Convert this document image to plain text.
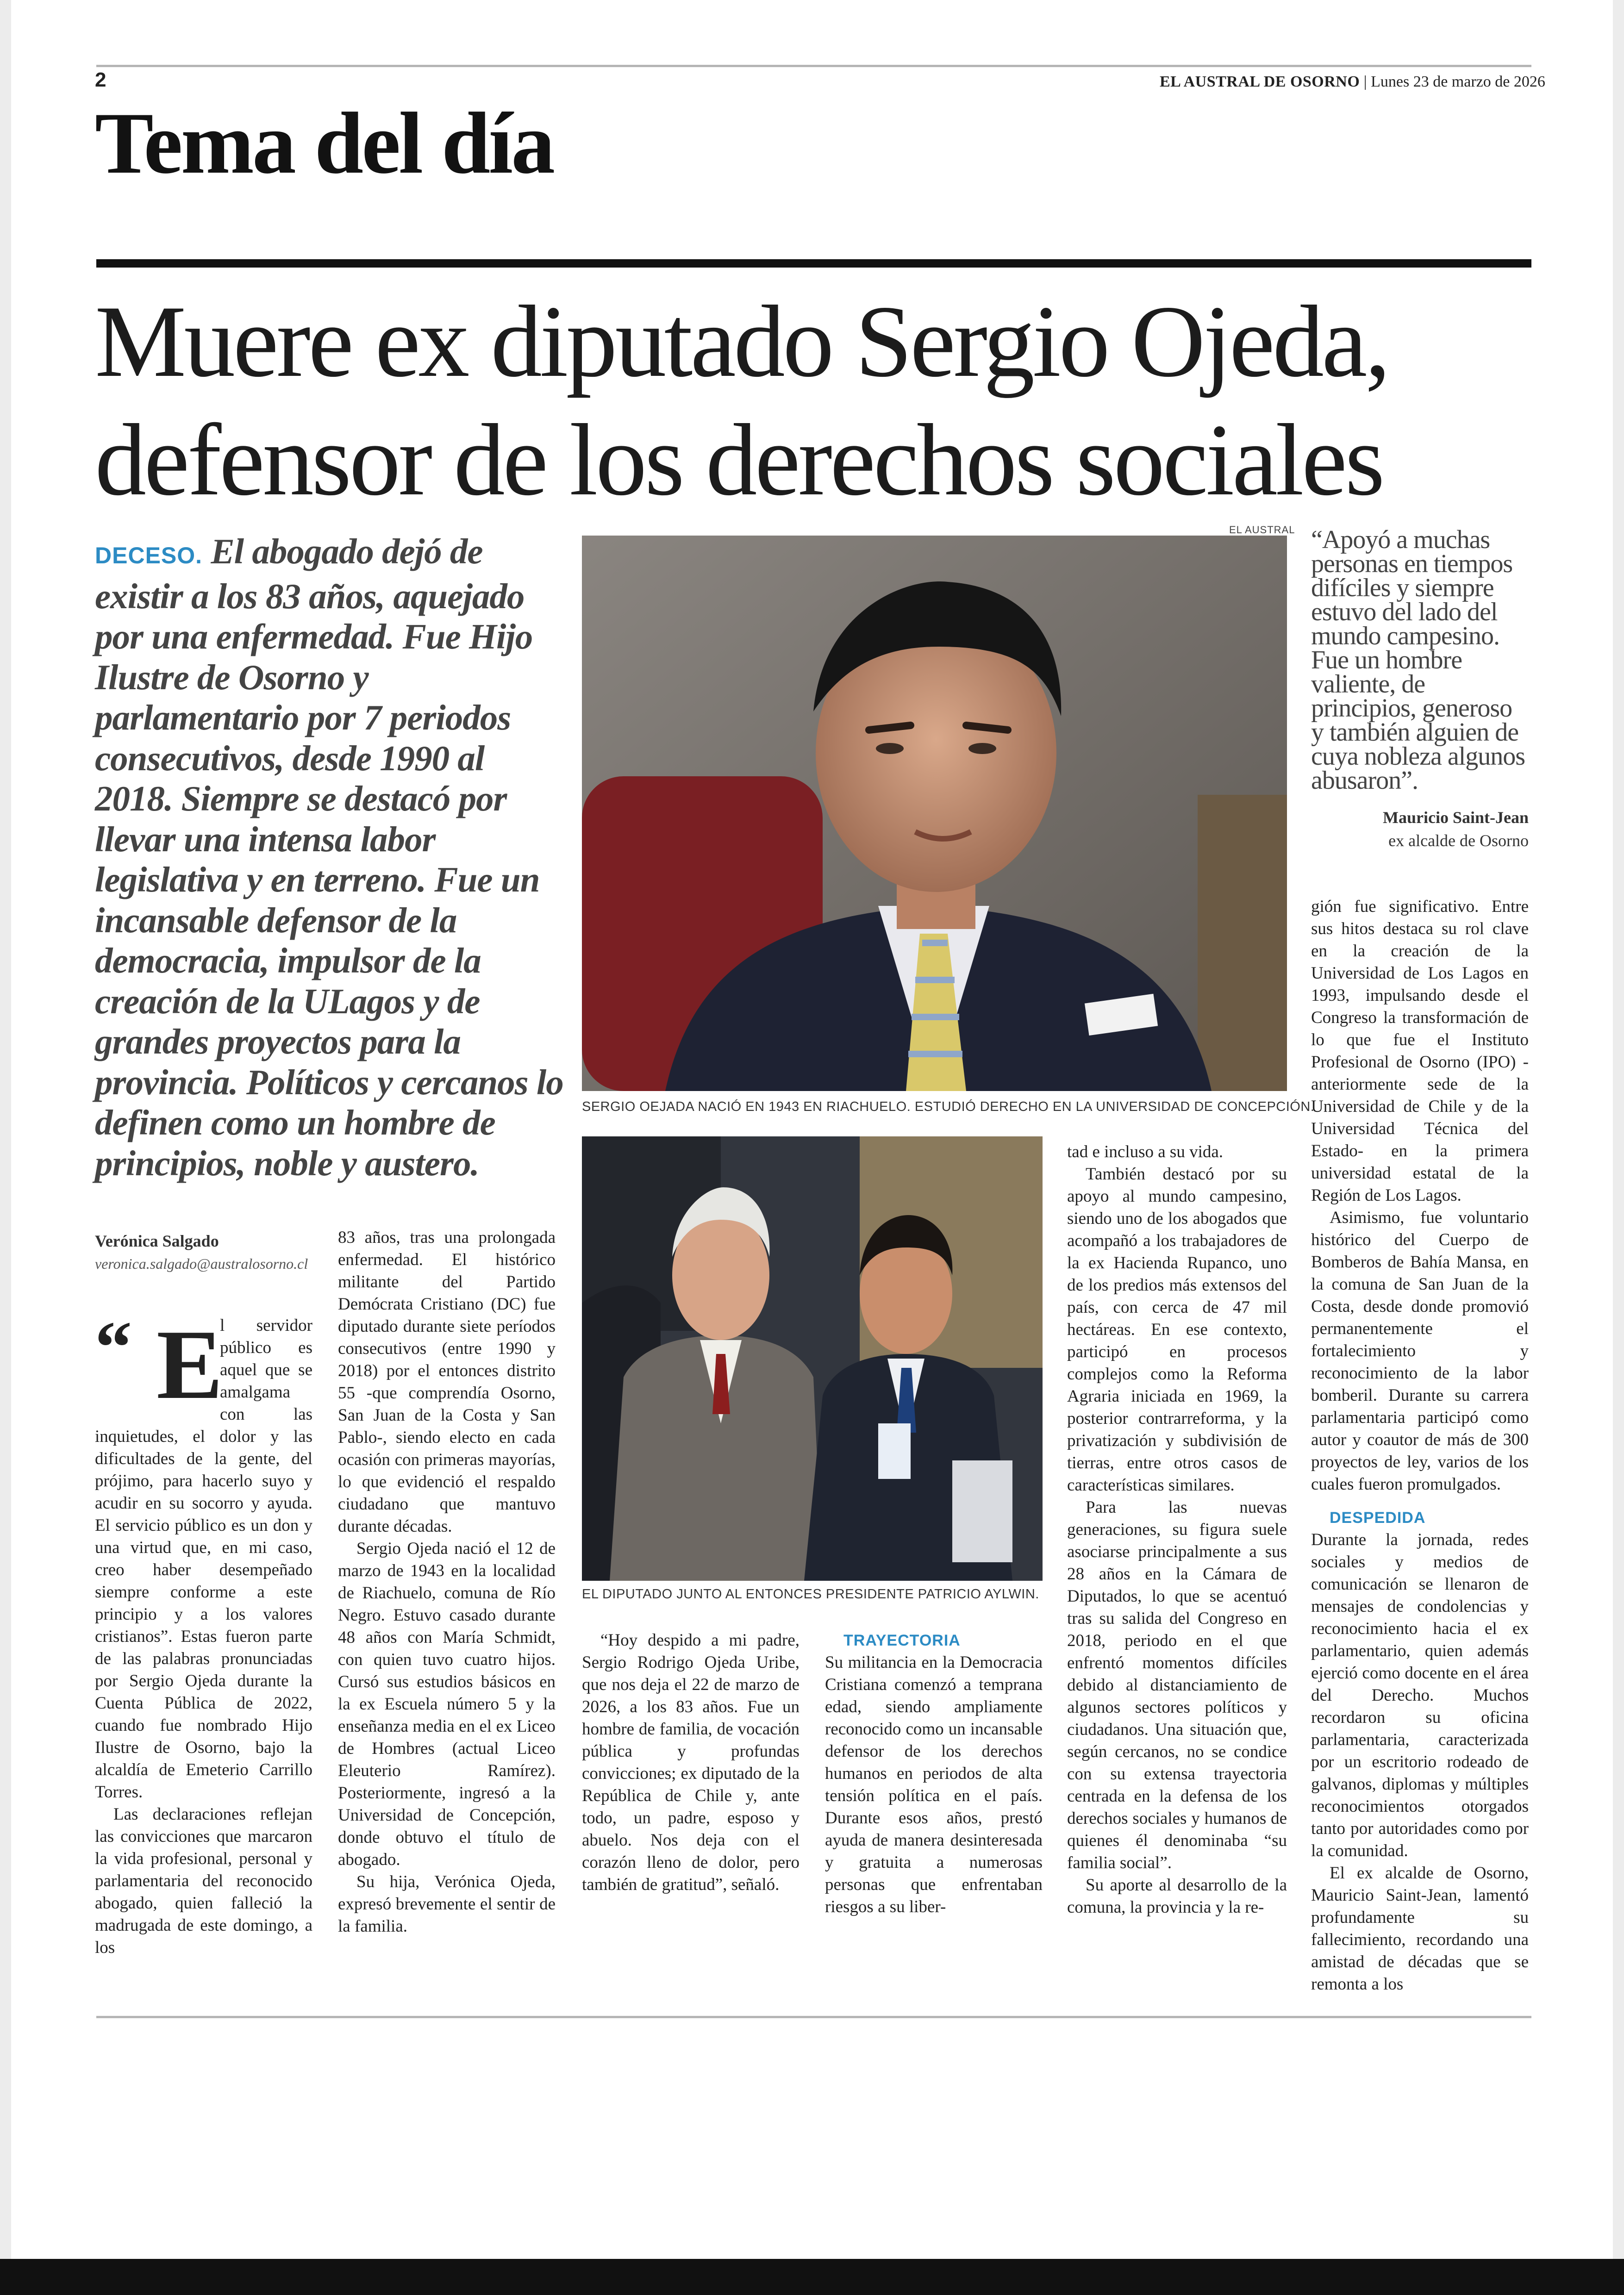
2	EL AUSTRAL DE OSORNO | Lunes 23 de marzo de 2026
Tema del día
Muere ex diputado Sergio Ojeda,
defensor de los derechos sociales
DECESO. El abogado dejó de existir a los 83 años, aquejado por una enfermedad. Fue Hijo Ilustre de Osorno y parlamentario por 7 periodos consecutivos, desde 1990 al 2018. Siempre se destacó por llevar una intensa labor legislativa y en terreno. Fue un incansable defensor de la democracia, impulsor de la creación de la ULagos y de grandes proyectos para la provincia. Políticos y cercanos lo definen como un hombre de principios, noble y austero.
EL AUSTRAL
SERGIO OEJADA NACIÓ EN 1943 EN RIACHUELO. ESTUDIÓ DERECHO EN LA UNIVERSIDAD DE CONCEPCIÓN.
EL DIPUTADO JUNTO AL ENTONCES PRESIDENTE PATRICIO AYLWIN.
“Apoyó a muchas personas en tiempos difíciles y siempre estuvo del lado del mundo campesino. Fue un hombre valiente, de principios, generoso y también alguien de cuya nobleza algunos abusaron”.
Mauricio Saint-Jean
ex alcalde de Osorno
Verónica Salgado
veronica.salgado@australosorno.cl
“ E

l servidor público es aquel que se amalgama con las inquietudes, el dolor y las dificultades de la gente, del prójimo, para hacerlo suyo y acudir en su socorro y ayuda. El servicio público es un don y una virtud que, en mi caso, creo haber desempeñado siempre conforme a este principio y a los valores cristianos”. Estas fueron parte de las palabras pronunciadas por Sergio Ojeda durante la Cuenta Pública de 2022, cuando fue nombrado Hijo Ilustre de Osorno, bajo la alcaldía de Emeterio Carrillo Torres.

Las declaraciones reflejan las convicciones que marcaron la vida profesional, personal y parlamentaria del reconocido abogado, quien falleció la madrugada de este domingo, a los

83 años, tras una prolongada enfermedad. El histórico militante del Partido Demócrata Cristiano (DC) fue diputado durante siete períodos consecutivos (entre 1990 y 2018) por el entonces distrito 55 -que comprendía Osorno, San Juan de la Costa y San Pablo-, siendo electo en cada ocasión con primeras mayorías, lo que evidenció el respaldo ciudadano que mantuvo durante décadas.

Sergio Ojeda nació el 12 de marzo de 1943 en la localidad de Riachuelo, comuna de Río Negro. Estuvo casado durante 48 años con María Schmidt, con quien tuvo cuatro hijos. Cursó sus estudios básicos en la ex Escuela número 5 y la enseñanza media en el ex Liceo de Hombres (actual Liceo Eleuterio Ramírez). Posteriormente, ingresó a la Universidad de Concepción, donde obtuvo el título de abogado.

Su hija, Verónica Ojeda, expresó brevemente el sentir de la familia.

“Hoy despido a mi padre, Sergio Rodrigo Ojeda Uribe, que nos deja el 22 de marzo de 2026, a los 83 años. Fue un hombre de familia, de vocación pública y profundas convicciones; ex diputado de la República de Chile y, ante todo, un padre, esposo y abuelo. Nos deja con el corazón lleno de dolor, pero también de gratitud”, señaló.

TRAYECTORIA

Su militancia en la Democracia Cristiana comenzó a temprana edad, siendo ampliamente reconocido como un incansable defensor de los derechos humanos en periodos de alta tensión política en el país. Durante esos años, prestó ayuda de manera desinteresada y gratuita a numerosas personas que enfrentaban riesgos a su liber-

tad e incluso a su vida.

También destacó por su apoyo al mundo campesino, siendo uno de los abogados que acompañó a los trabajadores de la ex Hacienda Rupanco, uno de los predios más extensos del país, con cerca de 47 mil hectáreas. En ese contexto, participó en procesos complejos como la Reforma Agraria iniciada en 1969, la posterior contrarreforma, y la privatización y subdivisión de tierras, entre otros casos de características similares.

Para las nuevas generaciones, su figura suele asociarse principalmente a sus 28 años en la Cámara de Diputados, lo que se acentuó tras su salida del Congreso en 2018, periodo en el que enfrentó momentos difíciles debido al distanciamiento de algunos sectores políticos y ciudadanos. Una situación que, según cercanos, no se condice con su extensa trayectoria centrada en la defensa de los derechos sociales y humanos de quienes él denominaba “su familia social”.

Su aporte al desarrollo de la comuna, la provincia y la re-

gión fue significativo. Entre sus hitos destaca su rol clave en la creación de la Universidad de Los Lagos en 1993, impulsando desde el Congreso la transformación de lo que fue el Instituto Profesional de Osorno (IPO) -anteriormente sede de la Universidad de Chile y de la Universidad Técnica del Estado- en la primera universidad estatal de la Región de Los Lagos.

Asimismo, fue voluntario histórico del Cuerpo de Bomberos de Bahía Mansa, en la comuna de San Juan de la Costa, desde donde promovió permanentemente el fortalecimiento y reconocimiento de la labor bomberil. Durante su carrera parlamentaria participó como autor y coautor de más de 300 proyectos de ley, varios de los cuales fueron promulgados.

DESPEDIDA

Durante la jornada, redes sociales y medios de comunicación se llenaron de mensajes de condolencias y reconocimiento hacia el ex parlamentario, quien además ejerció como docente en el área del Derecho. Muchos recordaron su oficina parlamentaria, caracterizada por un escritorio rodeado de galvanos, diplomas y múltiples reconocimientos otorgados tanto por autoridades como por la comunidad.

El ex alcalde de Osorno, Mauricio Saint-Jean, lamentó profundamente su fallecimiento, recordando una amistad de décadas que se remonta a los
